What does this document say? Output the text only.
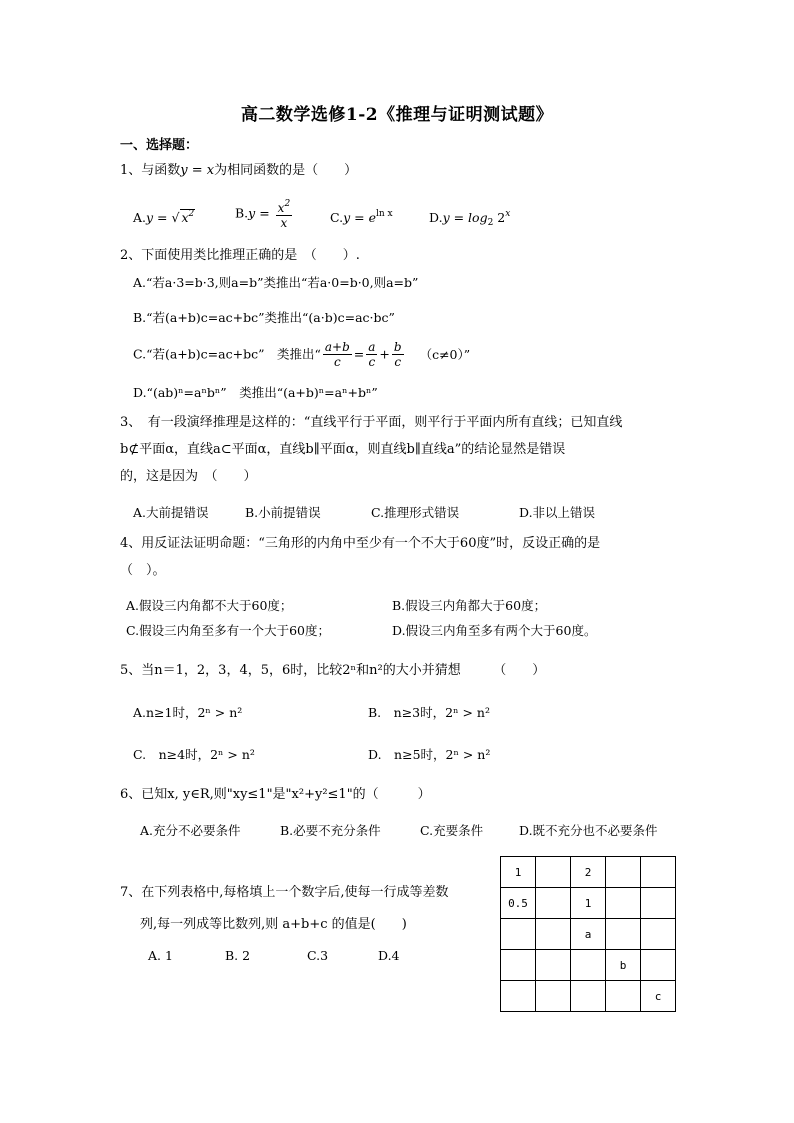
高二数学选修1-2《推理与证明测试题》
一、选择题：
1、与函数y = x为相同函数的是（　　）
A.y = √ $x^2$	$B.y = \frac{x^2}{x}$	$C.y = e^{ln x}$	$D.y = \log_2 2^x$
2、下面使用类比推理正确的是　（　　）.
A.“若a·3=b·3,则a=b”类推出“若a·0=b·0,则a=b”
B.“若(a+b)c=ac+bc”类推出“(a·b)c=ac·bc”
C.“若(a+b)c=ac+bc”　类推出“ $\frac{a+b}{c} = \frac{a}{c} + \frac{b}{c} (c\ne 0)$”
D.“(ab)ⁿ=aⁿbⁿ”　类推出“(a+b)ⁿ=aⁿ+bⁿ”
3、　有一段演绎推理是这样的：“直线平行于平面，则平行于平面内所有直线；已知直线
b⊄平面α，直线a⊂平面α，直线b∥平面α，则直线b∥直线a”的结论显然是错误
的，这是因为　（　　）
A.大前提错误	B.小前提错误	C.推理形式错误	D.非以上错误
4、用反证法证明命题：“三角形的内角中至少有一个不大于60度”时，反设正确的是
（　）。
A.假设三内角都不大于60度；	B.假设三内角都大于60度；
C.假设三内角至多有一个大于60度；	D.假设三内角至多有两个大于60度。
5、当n＝1，2，3，4，5，6时，比较2ⁿ和n²的大小并猜想　　　（　　）
A.n≥1时，2ⁿ > n²	B.　n≥3时，2ⁿ > n²
C.　n≥4时，2ⁿ > n²	D.　n≥5时，2ⁿ > n²
6、已知x, y∈R,则"xy≤1"是"x²+y²≤1"的（　　　）
A.充分不必要条件	B.必要不充分条件	C.充要条件	D.既不充分也不必要条件
7、在下列表格中,每格填上一个数字后,使每一行成等差数
列,每一列成等比数列,则 a+b+c 的值是(　　)
A. 1	B. 2	C.3	D.4
1		2		
0.5		1		
		a		
			b	
				c
